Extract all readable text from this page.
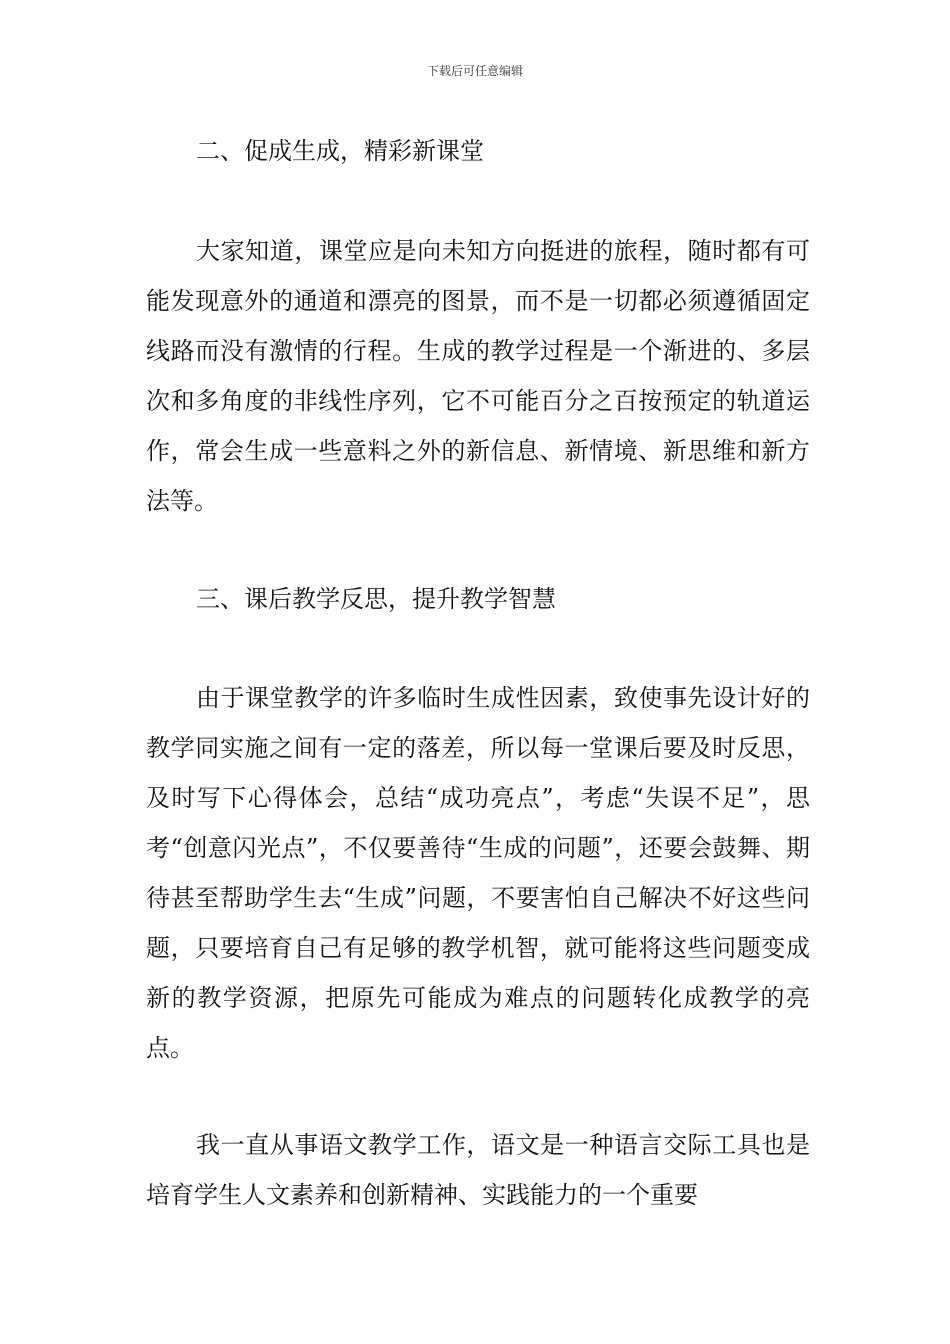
下载后可任意编辑
二、促成生成，精彩新课堂

大家知道，课堂应是向未知方向挺进的旅程，随时都有可能发现意外的通道和漂亮的图景，而不是一切都必须遵循固定线路而没有激情的行程。生成的教学过程是一个渐进的、多层次和多角度的非线性序列，它不可能百分之百按预定的轨道运作，常会生成一些意料之外的新信息、新情境、新思维和新方法等。

三、课后教学反思，提升教学智慧

由于课堂教学的许多临时生成性因素，致使事先设计好的教学同实施之间有一定的落差，所以每一堂课后要及时反思，及时写下心得体会，总结“成功亮点”，考虑“失误不足”，思考“创意闪光点”，不仅要善待“生成的问题”，还要会鼓舞、期待甚至帮助学生去“生成”问题，不要害怕自己解决不好这些问题，只要培育自己有足够的教学机智，就可能将这些问题变成新的教学资源，把原先可能成为难点的问题转化成教学的亮点。

我一直从事语文教学工作，语文是一种语言交际工具也是培育学生人文素养和创新精神、实践能力的一个重要
